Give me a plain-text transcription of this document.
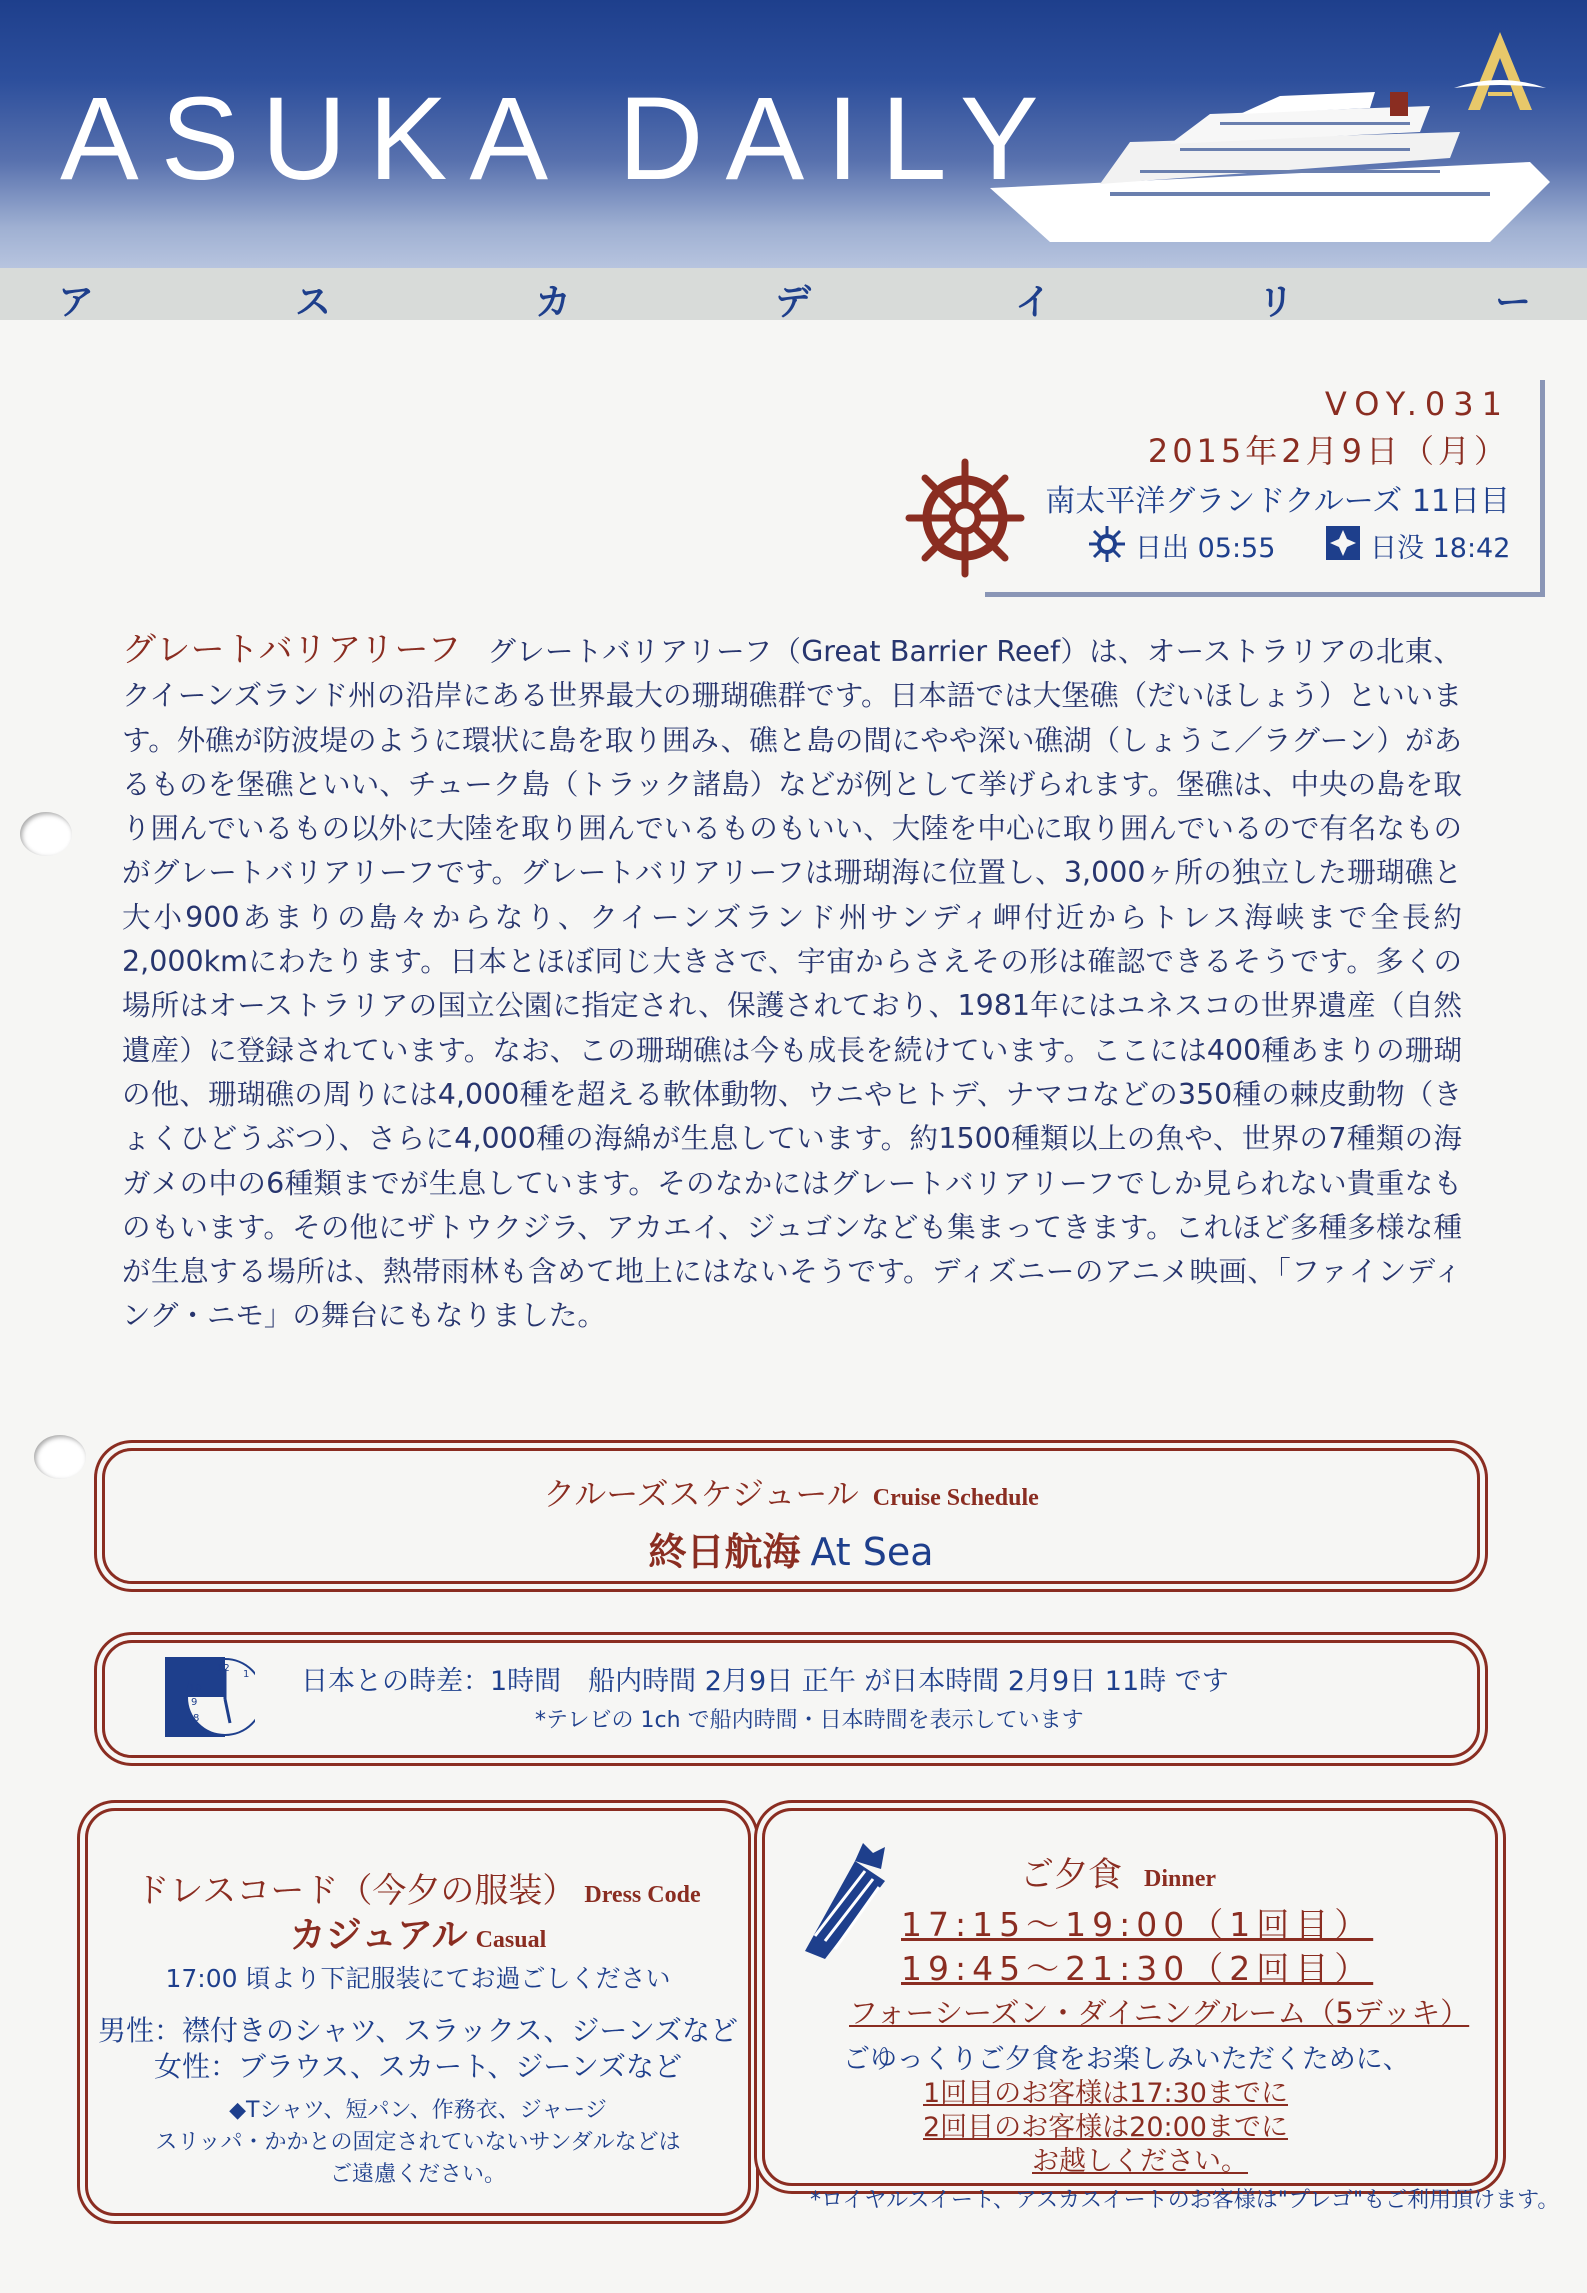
ASUKA DAILY
ア	ス	カ	デ	イ	リ	ー
VOY.031
2015年2月9日（月）
南太平洋グランドクルーズ 11日目
日出 05:55	日没 18:42
グレートバリアリーフ グレートバリアリーフ（Great Barrier Reef）は、オーストラリアの北東、クイーンズランド州の沿岸にある世界最大の珊瑚礁群です。日本語では大堡礁（だいほしょう）といいます。外礁が防波堤のように環状に島を取り囲み、礁と島の間にやや深い礁湖（しょうこ／ラグーン）があるものを堡礁といい、チューク島（トラック諸島）などが例として挙げられます。堡礁は、中央の島を取り囲んでいるもの以外に大陸を取り囲んでいるものもいい、大陸を中心に取り囲んでいるので有名なものがグレートバリアリーフです。グレートバリアリーフは珊瑚海に位置し、3,000ヶ所の独立した珊瑚礁と大小900あまりの島々からなり、クイーンズランド州サンディ岬付近からトレス海峡まで全長約2,000kmにわたります。日本とほぼ同じ大きさで、宇宙からさえその形は確認できるそうです。多くの場所はオーストラリアの国立公園に指定され、保護されており、1981年にはユネスコの世界遺産（自然遺産）に登録されています。なお、この珊瑚礁は今も成長を続けています。ここには400種あまりの珊瑚の他、珊瑚礁の周りには4,000種を超える軟体動物、ウニやヒトデ、ナマコなどの350種の棘皮動物（きょくひどうぶつ）、さらに4,000種の海綿が生息しています。約1500種類以上の魚や、世界の7種類の海ガメの中の6種類までが生息しています。そのなかにはグレートバリアリーフでしか見られない貴重なものもいます。その他にザトウクジラ、アカエイ、ジュゴンなども集まってきます。これほど多種多様な種が生息する場所は、熱帯雨林も含めて地上にはないそうです。ディズニーのアニメ映画、「ファインディング・ニモ」の舞台にもなりました。
クルーズスケジュール Cruise Schedule
終日航海 At Sea
12
1
10
9
8
日本との時差：1時間　船内時間 2月9日 正午 が日本時間 2月9日 11時 です
*テレビの 1ch で船内時間・日本時間を表示しています
ドレスコード（今夕の服装） Dress Code
カジュアル Casual
17:00 頃より下記服装にてお過ごしください
男性：襟付きのシャツ、スラックス、ジーンズなど
女性：ブラウス、スカート、ジーンズなど
◆Tシャツ、短パン、作務衣、ジャージ
スリッパ・かかとの固定されていないサンダルなどは
ご遠慮ください。
ご夕食 Dinner
17:15～19:00（1回目）
19:45～21:30（2回目）
フォーシーズン・ダイニングルーム（5デッキ）
ごゆっくりご夕食をお楽しみいただくために、
1回目のお客様は17:30までに
2回目のお客様は20:00までに
お越しください。
*ロイヤルスイート、アスカスイートのお客様は"プレゴ"もご利用頂けます。
